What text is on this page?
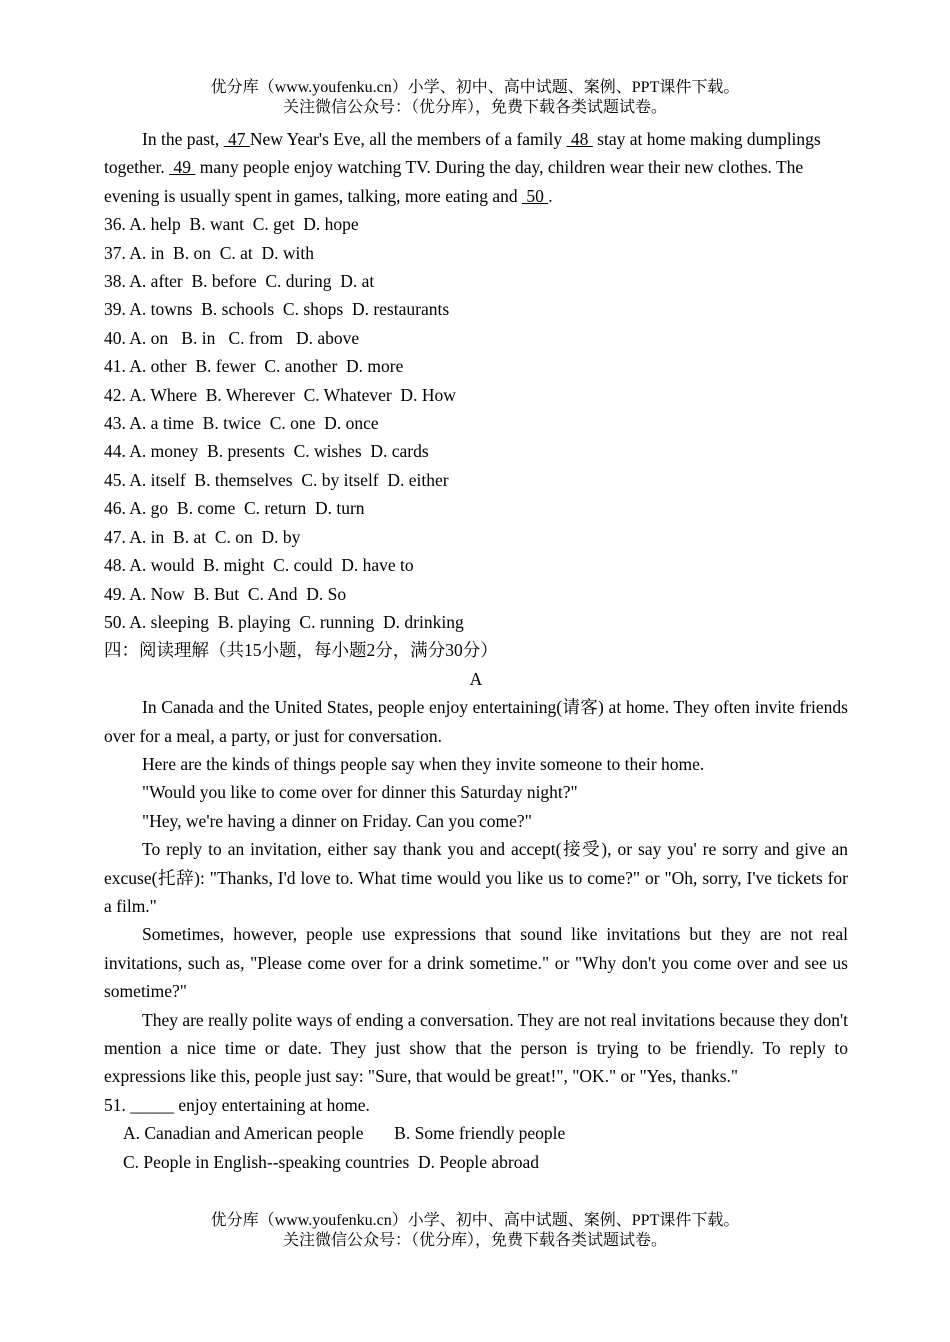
优分库（www.youfenku.cn）小学、初中、高中试题、案例、PPT课件下载。
关注微信公众号：（优分库），免费下载各类试题试卷。

In the past,  47 New Year's Eve, all the members of a family  48  stay at home making dumplings together.  49  many people enjoy watching TV. During the day, children wear their new clothes. The evening is usually spent in games, talking, more eating and  50 .

36. A. help  B. want  C. get  D. hope

37. A. in  B. on  C. at  D. with

38. A. after  B. before  C. during  D. at

39. A. towns  B. schools  C. shops  D. restaurants

40. A. on   B. in   C. from   D. above

41. A. other  B. fewer  C. another  D. more

42. A. Where  B. Wherever  C. Whatever  D. How

43. A. a time  B. twice  C. one  D. once

44. A. money  B. presents  C. wishes  D. cards

45. A. itself  B. themselves  C. by itself  D. either

46. A. go  B. come  C. return  D. turn

47. A. in  B. at  C. on  D. by

48. A. would  B. might  C. could  D. have to

49. A. Now  B. But  C. And  D. So

50. A. sleeping  B. playing  C. running  D. drinking

四：阅读理解（共15小题，每小题2分，满分30分）

A

In Canada and the United States, people enjoy entertaining(请客) at home. They often invite friends over for a meal, a party, or just for conversation.

Here are the kinds of things people say when they invite someone to their home.

"Would you like to come over for dinner this Saturday night?"

"Hey, we're having a dinner on Friday. Can you come?"

To reply to an invitation, either say thank you and accept(接受), or say you' re sorry and give an excuse(托辞): "Thanks, I'd love to. What time would you like us to come?" or "Oh, sorry, I've tickets for a film."

Sometimes, however, people use expressions that sound like invitations but they are not real invitations, such as, "Please come over for a drink sometime." or "Why don't you come over and see us sometime?"

They are really polite ways of ending a conversation. They are not real invitations because they don't mention a nice time or date. They just show that the person is trying to be friendly. To reply to expressions like this, people just say: "Sure, that would be great!", "OK." or "Yes, thanks."

51. _____ enjoy entertaining at home.

A. Canadian and American people       B. Some friendly people

C. People in English--speaking countries  D. People abroad

优分库（www.youfenku.cn）小学、初中、高中试题、案例、PPT课件下载。
关注微信公众号：（优分库），免费下载各类试题试卷。
